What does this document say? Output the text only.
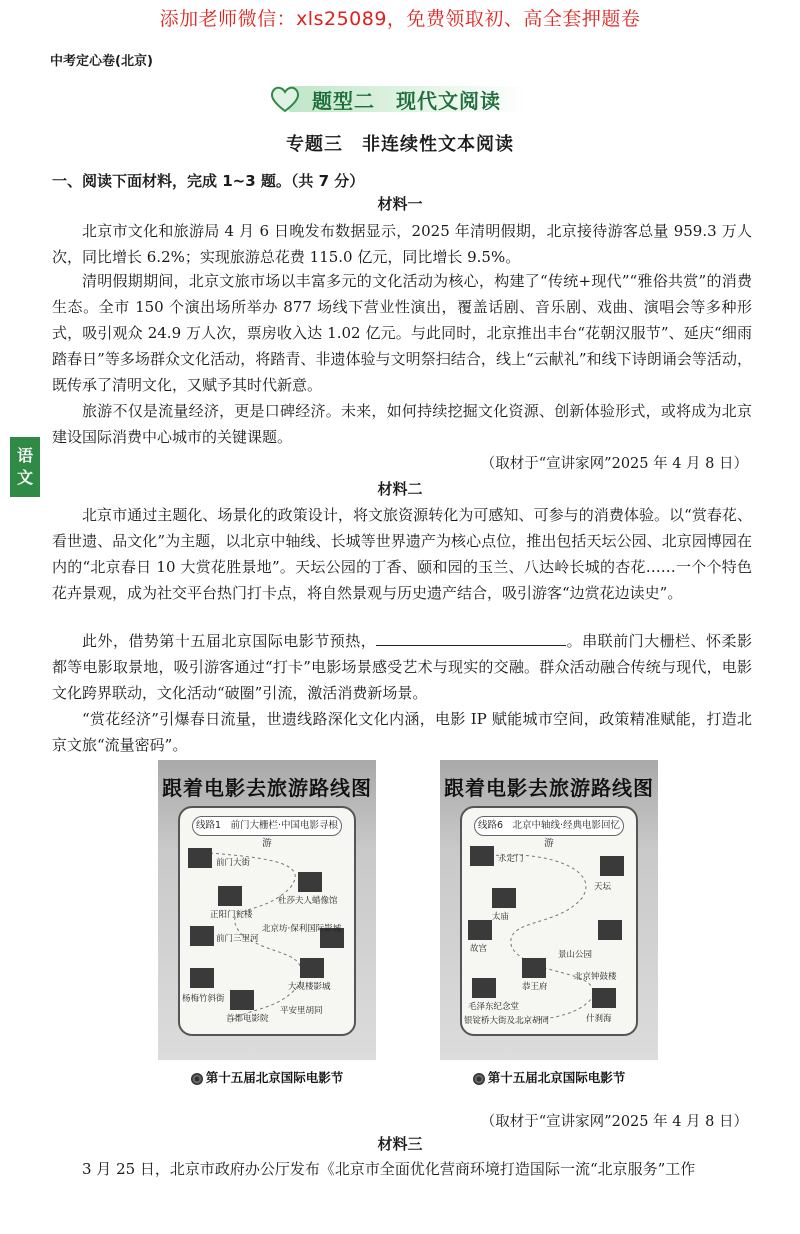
添加老师微信：xls25089，免费领取初、高全套押题卷
中考定心卷(北京)
题型二　现代文阅读
专题三　非连续性文本阅读
一、阅读下面材料，完成 1~3 题。（共 7 分）
材料一
北京市文化和旅游局 4 月 6 日晚发布数据显示，2025 年清明假期，北京接待游客总量 959.3 万人次，同比增长 6.2%；实现旅游总花费 115.0 亿元，同比增长 9.5%。
清明假期期间，北京文旅市场以丰富多元的文化活动为核心，构建了“传统+现代”“雅俗共赏”的消费生态。全市 150 个演出场所举办 877 场线下营业性演出，覆盖话剧、音乐剧、戏曲、演唱会等多种形式，吸引观众 24.9 万人次，票房收入达 1.02 亿元。与此同时，北京推出丰台“花朝汉服节”、延庆“细雨踏春日”等多场群众文化活动，将踏青、非遗体验与文明祭扫结合，线上“云献礼”和线下诗朗诵会等活动，既传承了清明文化，又赋予其时代新意。
旅游不仅是流量经济，更是口碑经济。未来，如何持续挖掘文化资源、创新体验形式，或将成为北京建设国际消费中心城市的关键课题。
（取材于“宣讲家网”2025 年 4 月 8 日）
语
文
材料二
北京市通过主题化、场景化的政策设计，将文旅资源转化为可感知、可参与的消费体验。以“赏春花、看世遗、品文化”为主题，以北京中轴线、长城等世界遗产为核心点位，推出包括天坛公园、北京园博园在内的“北京春日 10 大赏花胜景地”。天坛公园的丁香、颐和园的玉兰、八达岭长城的杏花……一个个特色花卉景观，成为社交平台热门打卡点，将自然景观与历史遗产结合，吸引游客“边赏花边读史”。
此外，借势第十五届北京国际电影节预热，	。串联前门大栅栏、怀柔影都等电影取景地，吸引游客通过“打卡”电影场景感受艺术与现实的交融。群众活动融合传统与现代，电影文化跨界联动，文化活动“破圈”引流，激活消费新场景。
“赏花经济”引爆春日流量，世遗线路深化文化内涵，电影 IP 赋能城市空间，政策精准赋能，打造北京文旅“流量密码”。
跟着电影去旅游路线图
线路1　前门大栅栏·中国电影寻根游
前门大街
正阳门瓮楼
杜莎夫人蜡像馆
前门三里河
北京坊·保利国际影城
大观楼影城
杨梅竹斜街
首都电影院
平安里胡同
第十五届北京国际电影节
跟着电影去旅游路线图
线路6　北京中轴线·经典电影回忆游
永定门
天坛
太庙
故宫
景山公园
恭王府
北京钟鼓楼
毛泽东纪念堂
银锭桥大街及北京胡同	什刹海
第十五届北京国际电影节
（取材于“宣讲家网”2025 年 4 月 8 日）
材料三
3 月 25 日，北京市政府办公厅发布《北京市全面优化营商环境打造国际一流“北京服务”工作
